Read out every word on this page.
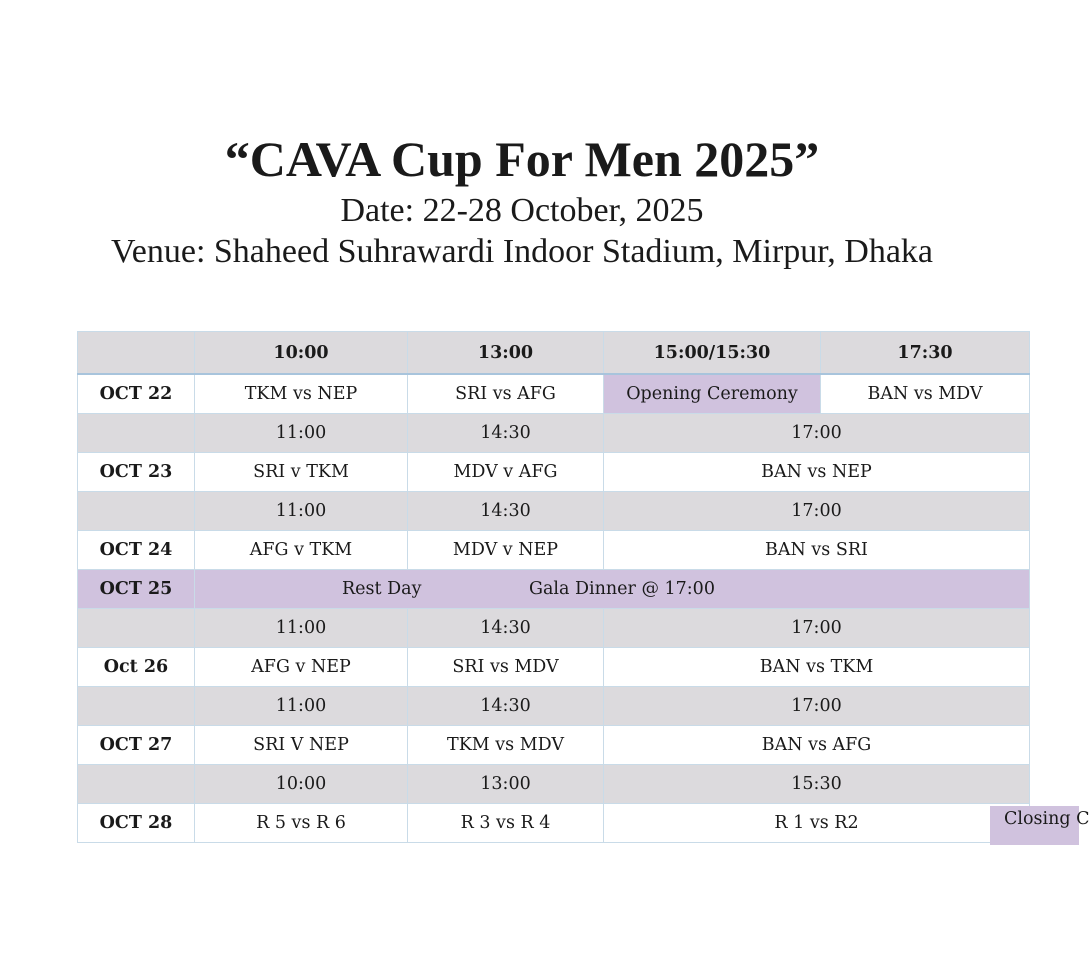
“CAVA Cup For Men 2025”
Date: 22-28 October, 2025
Venue: Shaheed Suhrawardi Indoor Stadium, Mirpur, Dhaka
	10:00	13:00	15:00/15:30	17:30
OCT 22	TKM vs NEP	SRI vs AFG	Opening Ceremony	BAN vs MDV
	11:00	14:30	17:00	
OCT 23	SRI v TKM	MDV v AFG	BAN vs NEP	
	11:00	14:30	17:00	
OCT 24	AFG v TKM	MDV v NEP	BAN vs SRI	
OCT 25	Rest Day Gala Dinner @ 17:00			

	11:00	14:30	17:00	
Oct 26	AFG v NEP	SRI vs MDV	BAN vs TKM	
	11:00	14:30	17:00	
OCT 27	SRI V NEP	TKM vs MDV	BAN vs AFG	
	10:00	13:00	15:30	
OCT 28	R 5 vs R 6	R 3 vs R 4	R 1 vs R2		Closing C
